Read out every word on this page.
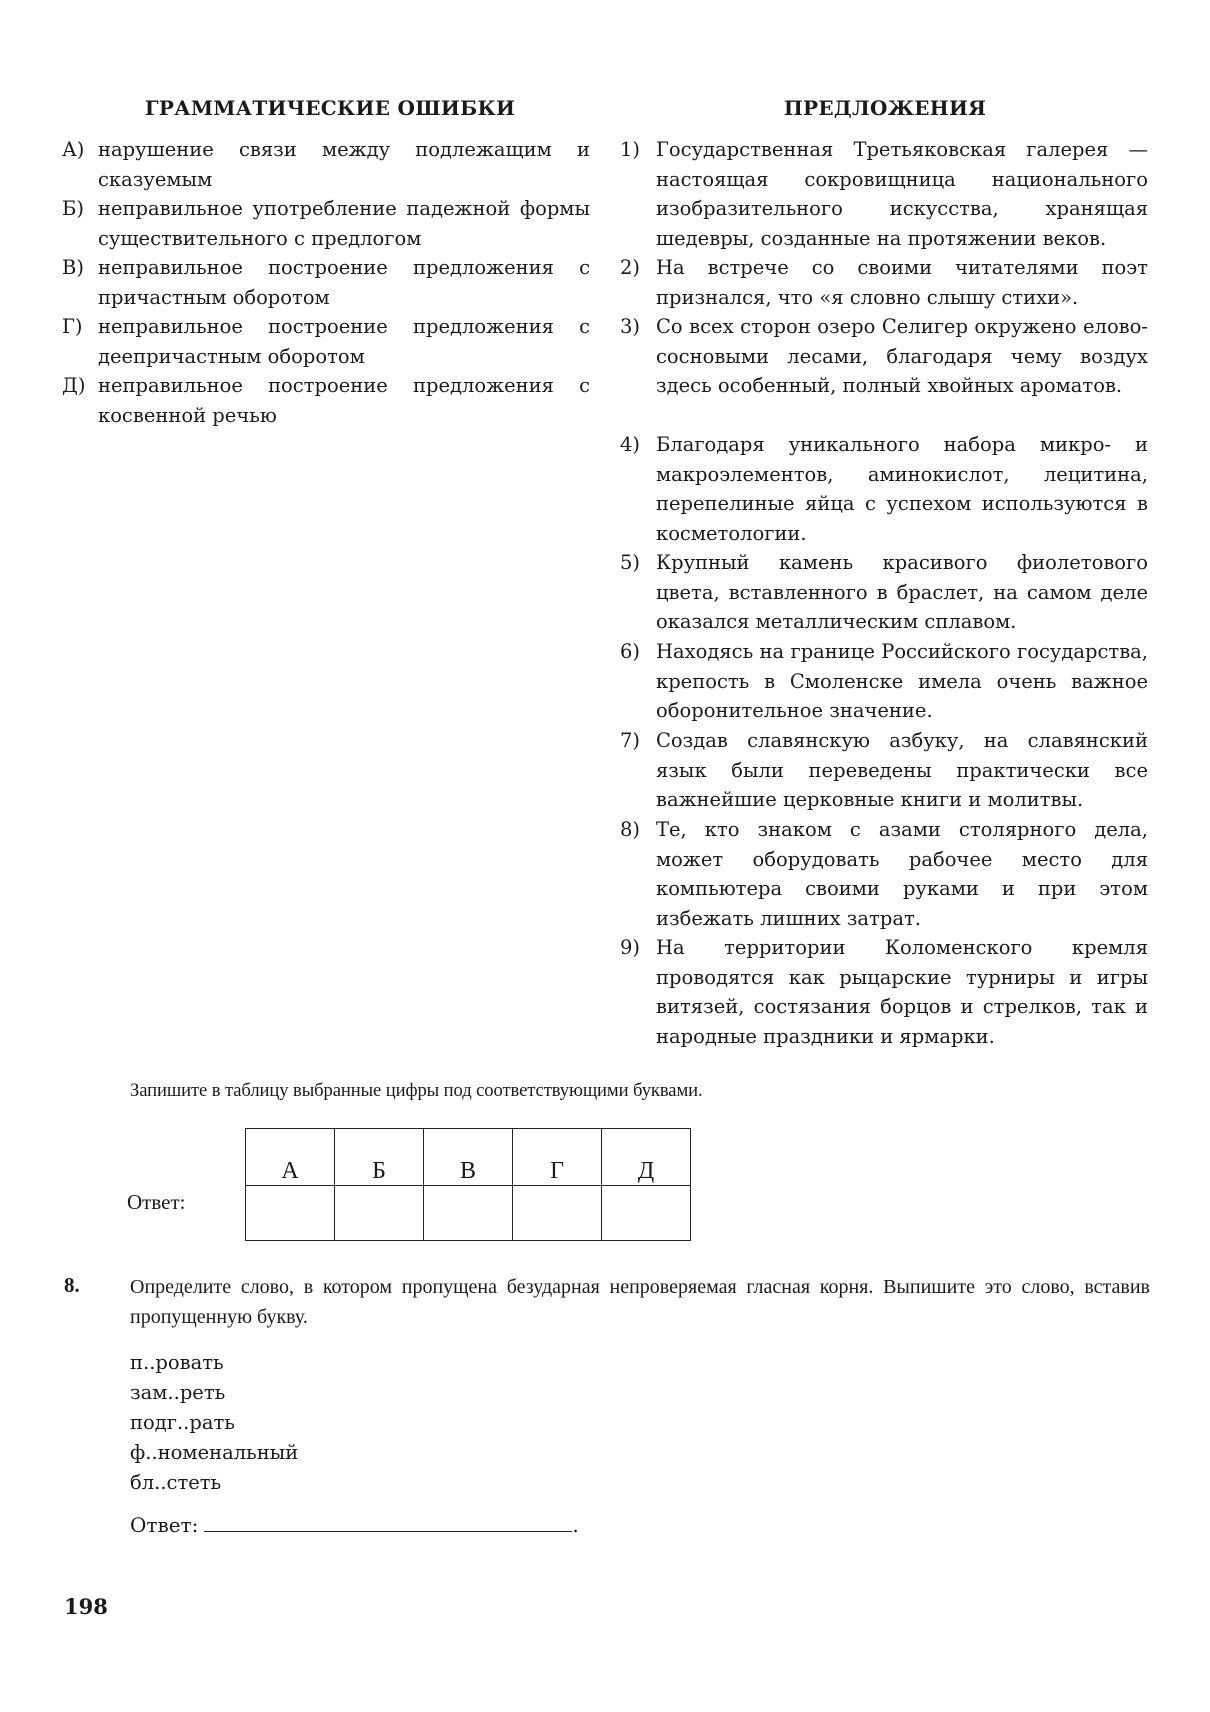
ГРАММАТИЧЕСКИЕ ОШИБКИ	ПРЕДЛОЖЕНИЯ
А) нарушение связи между подлежащим и сказуемым
Б) неправильное употребление падежной формы существительного с предлогом
В) неправильное построение предложения с причастным оборотом
Г) неправильное построение предложения с деепричастным оборотом
Д) неправильное построение предложения с косвенной речью
1) Государственная Третьяковская галерея — настоящая сокровищница национального изобразительного искусства, хранящая шедевры, созданные на протяжении веков.
2) На встрече со своими читателями поэт признался, что «я словно слышу стихи».
3) Со всех сторон озеро Селигер окружено елово-сосновыми лесами, благодаря чему воздух здесь особенный, полный хвойных ароматов.
4) Благодаря уникального набора микро- и макроэлементов, аминокислот, лецитина, перепелиные яйца с успехом используются в косметологии.
5) Крупный камень красивого фиолетового цвета, вставленного в браслет, на самом деле оказался металлическим сплавом.
6) Находясь на границе Российского государства, крепость в Смоленске имела очень важное оборонительное значение.
7) Создав славянскую азбуку, на славянский язык были переведены практически все важнейшие церковные книги и молитвы.
8) Те, кто знаком с азами столярного дела, может оборудовать рабочее место для компьютера своими руками и при этом избежать лишних затрат.
9) На территории Коломенского кремля проводятся как рыцарские турниры и игры витязей, состязания борцов и стрелков, так и народные праздники и ярмарки.
Запишите в таблицу выбранные цифры под соответствующими буквами.
Ответ:
А	Б	В	Г	Д

8.	Определите слово, в котором пропущена безударная непроверяемая гласная корня. Выпишите это слово, вставив пропущенную букву.
п..ровать
зам..реть
подг..рать
ф..номенальный
бл..стеть
Ответ:	.
198
